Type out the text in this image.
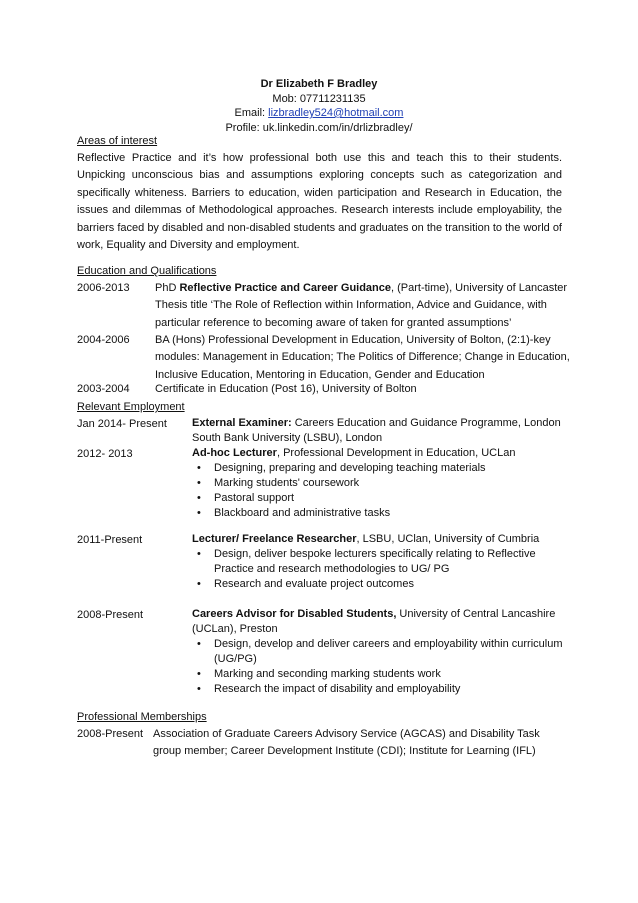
Dr Elizabeth F Bradley
Mob: 07711231135
Email: lizbradley524@hotmail.com
Profile: uk.linkedin.com/in/drlizbradley/
Areas of interest
Reflective Practice and it’s how professional both use this and teach this to their students. Unpicking unconscious bias and assumptions exploring concepts such as categorization and specifically whiteness. Barriers to education, widen participation and Research in Education, the issues and dilemmas of Methodological approaches. Research interests include employability, the barriers faced by disabled and non-disabled students and graduates on the transition to the world of work, Equality and Diversity and employment.
Education and Qualifications
2006-2013 PhD Reflective Practice and Career Guidance, (Part-time), University of Lancaster
Thesis title ‘The Role of Reflection within Information, Advice and Guidance, with particular reference to becoming aware of taken for granted assumptions’
2004-2006 BA (Hons) Professional Development in Education, University of Bolton, (2:1)-key modules: Management in Education; The Politics of Difference; Change in Education, Inclusive Education, Mentoring in Education, Gender and Education
2003-2004 Certificate in Education (Post 16), University of Bolton
Relevant Employment
Jan 2014- Present External Examiner: Careers Education and Guidance Programme, London South Bank University (LSBU), London
2012- 2013	Ad-hoc Lecturer, Professional Development in Education, UCLan
• Designing, preparing and developing teaching materials
• Marking students' coursework
• Pastoral support
• Blackboard and administrative tasks
2011-Present	Lecturer/ Freelance Researcher, LSBU, UClan, University of Cumbria
• Design, deliver bespoke lecturers specifically relating to Reflective Practice and research methodologies to UG/ PG
• Research and evaluate project outcomes
2008-Present	Careers Advisor for Disabled Students, University of Central Lancashire (UCLan), Preston
• Design, develop and deliver careers and employability within curriculum (UG/PG)
• Marking and seconding marking students work
• Research the impact of disability and employability
Professional Memberships
2008-Present Association of Graduate Careers Advisory Service (AGCAS) and Disability Task group member; Career Development Institute (CDI); Institute for Learning (IFL)
